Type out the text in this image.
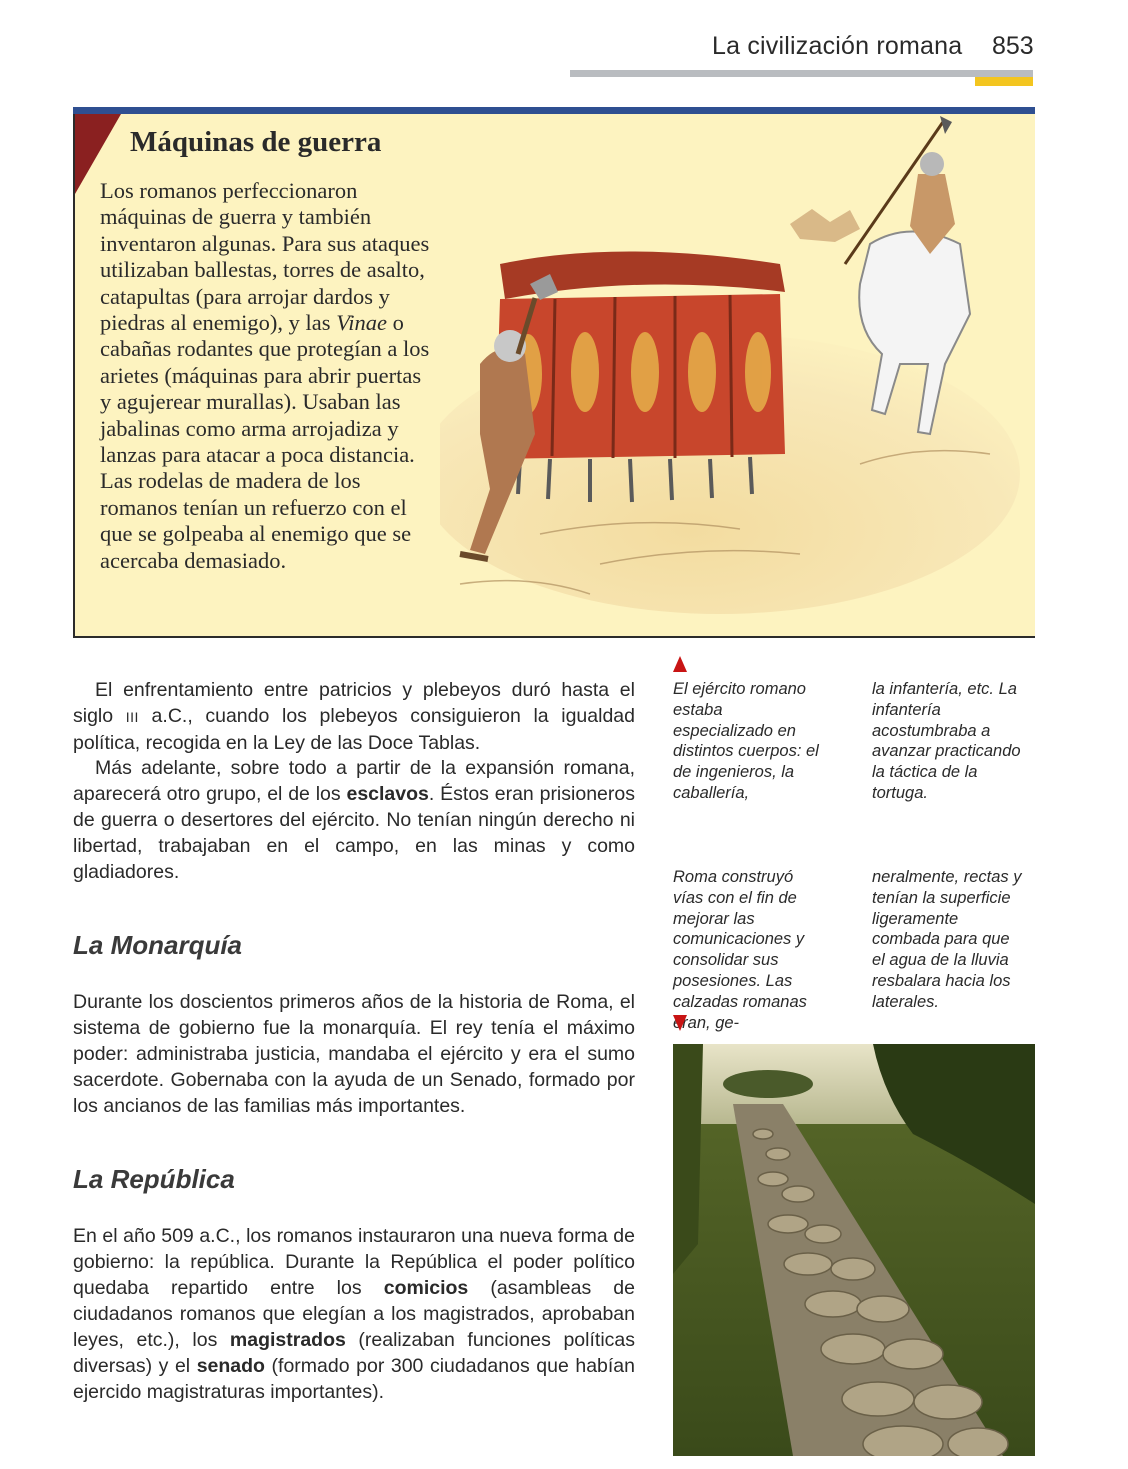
La civilización romana 853
Máquinas de guerra
Los romanos perfeccionaron máquinas de guerra y también inventaron algunas. Para sus ataques utilizaban ballestas, torres de asalto, catapultas (para arrojar dardos y piedras al enemigo), y las Vinae o cabañas rodantes que protegían a los arietes (máquinas para abrir puertas y agujerear murallas). Usaban las jabalinas como arma arrojadiza y lanzas para atacar a poca distancia. Las rodelas de madera de los romanos tenían un refuerzo con el que se golpeaba al enemigo que se acercaba demasiado.
El enfrentamiento entre patricios y plebeyos duró hasta el siglo III a.C., cuando los plebeyos consiguieron la igualdad política, recogida en la Ley de las Doce Tablas.
Más adelante, sobre todo a partir de la expansión romana, aparecerá otro grupo, el de los esclavos. Éstos eran prisioneros de guerra o desertores del ejército. No tenían ningún derecho ni libertad, trabajaban en el campo, en las minas y como gladiadores.
La Monarquía
Durante los doscientos primeros años de la historia de Roma, el sistema de gobierno fue la monarquía. El rey tenía el máximo poder: administraba justicia, mandaba el ejército y era el sumo sacerdote. Gobernaba con la ayuda de un Senado, formado por los ancianos de las familias más importantes.
La República
En el año 509 a.C., los romanos instauraron una nueva forma de gobierno: la república. Durante la República el poder político quedaba repartido entre los comicios (asambleas de ciudadanos romanos que elegían a los magistrados, aprobaban leyes, etc.), los magistrados (realizaban funciones políticas diversas) y el senado (formado por 300 ciudadanos que habían ejercido magistraturas importantes).
El ejército romano estaba especializado en distintos cuerpos: el de ingenieros, la caballería,
la infantería, etc. La infantería acostumbraba a avanzar practicando la táctica de la tortuga.
Roma construyó vías con el fin de mejorar las comunicaciones y consolidar sus posesiones. Las calzadas romanas eran, ge-
neralmente, rectas y tenían la superficie ligeramente combada para que el agua de la lluvia resbalara hacia los laterales.
